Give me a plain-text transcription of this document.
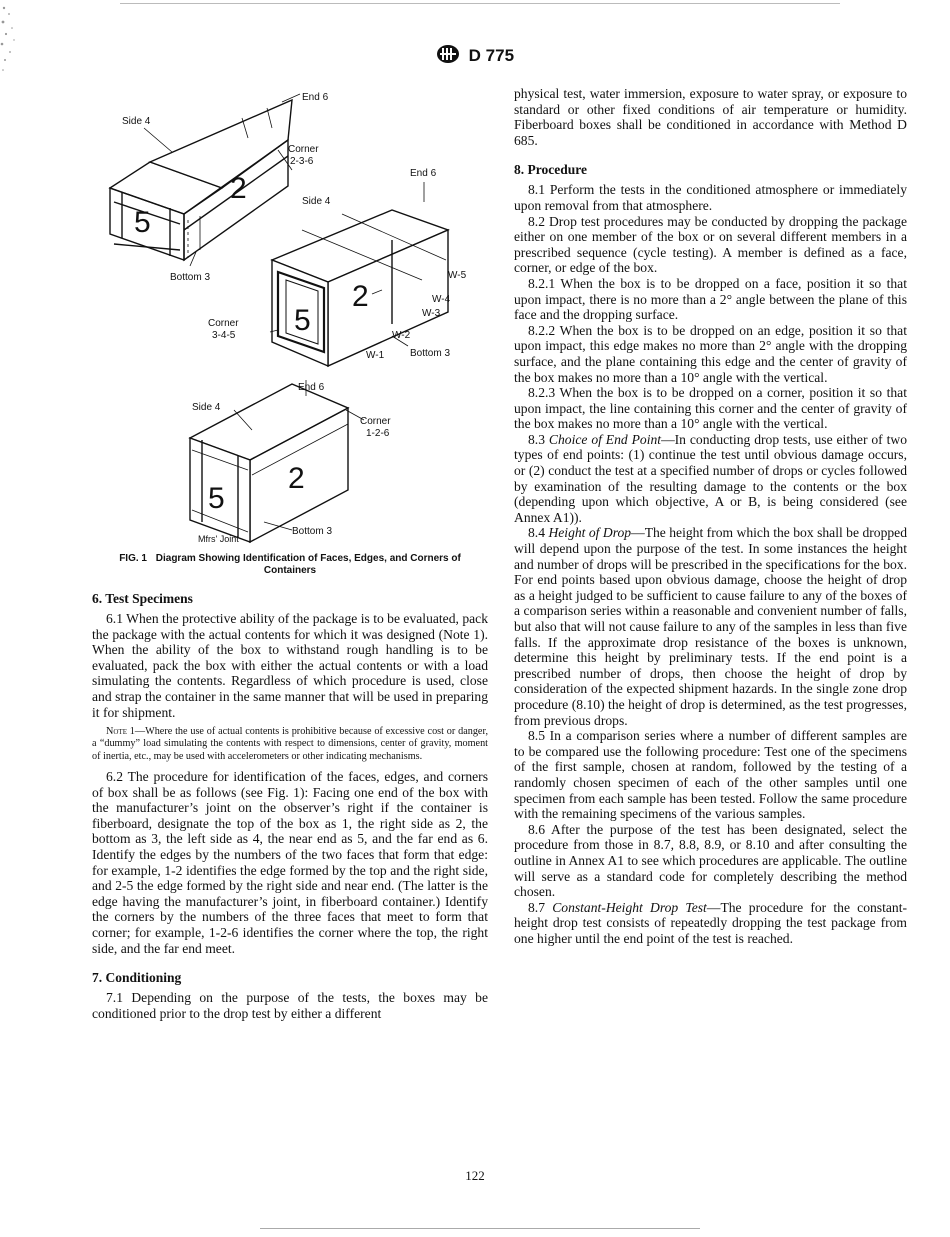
D 775
Side 4
End 6
Corner
2-3-6
End 6
Side 4
Bottom 3
Corner
3-4-5
W-5
W-4
W-3
W-2
W-1	Bottom 3
End 6
Side 4
Corner
1-2-6
Bottom 3
Mfrs' Joint
5
2
5
2
5
2

FIG. 1 Diagram Showing Identification of Faces, Edges, and Corners of Containers

6. Test Specimens

6.1 When the protective ability of the package is to be evaluated, pack the package with the actual contents for which it was designed (Note 1). When the ability of the box to withstand rough handling is to be evaluated, pack the box with either the actual contents or with a load simulating the contents. Regardless of which procedure is used, close and strap the container in the same manner that will be used in preparing it for shipment.

Note 1—Where the use of actual contents is prohibitive because of excessive cost or danger, a “dummy” load simulating the contents with respect to dimensions, center of gravity, moment of inertia, etc., may be used with accelerometers or other indicating mechanisms.

6.2 The procedure for identification of the faces, edges, and corners of box shall be as follows (see Fig. 1): Facing one end of the box with the manufacturer’s joint on the observer’s right if the container is fiberboard, designate the top of the box as 1, the right side as 2, the bottom as 3, the left side as 4, the near end as 5, and the far end as 6. Identify the edges by the numbers of the two faces that form that edge: for example, 1-2 identifies the edge formed by the top and the right side, and 2-5 the edge formed by the right side and near end. (The latter is the edge having the manufacturer’s joint, in fiberboard container.) Identify the corners by the numbers of the three faces that meet to form that corner; for example, 1-2-6 identifies the corner where the top, the right side, and the far end meet.

7. Conditioning

7.1 Depending on the purpose of the tests, the boxes may be conditioned prior to the drop test by either a different

physical test, water immersion, exposure to water spray, or exposure to standard or other fixed conditions of air temperature or humidity. Fiberboard boxes shall be conditioned in accordance with Method D 685.

8. Procedure

8.1 Perform the tests in the conditioned atmosphere or immediately upon removal from that atmosphere.

8.2 Drop test procedures may be conducted by dropping the package either on one member of the box or on several different members in a prescribed sequence (cycle testing). A member is defined as a face, corner, or edge of the box.

8.2.1 When the box is to be dropped on a face, position it so that upon impact, there is no more than a 2° angle between the plane of this face and the dropping surface.

8.2.2 When the box is to be dropped on an edge, position it so that upon impact, this edge makes no more than 2° angle with the dropping surface, and the plane containing this edge and the center of gravity of the box makes no more than a 10° angle with the vertical.

8.2.3 When the box is to be dropped on a corner, position it so that upon impact, the line containing this corner and the center of gravity of the box makes no more than a 10° angle with the vertical.

8.3 Choice of End Point—In conducting drop tests, use either of two types of end points: (1) continue the test until obvious damage occurs, or (2) conduct the test at a specified number of drops or cycles followed by examination of the resulting damage to the contents or the box (depending upon which objective, A or B, is being considered (see Annex A1)).

8.4 Height of Drop—The height from which the box shall be dropped will depend upon the purpose of the test. In some instances the height and number of drops will be prescribed in the specifications for the box. For end points based upon obvious damage, choose the height of drop as a height judged to be sufficient to cause failure to any of the boxes of a comparison series within a reasonable and convenient number of falls, but also that will not cause failure to any of the samples in less than five falls. If the approximate drop resistance of the boxes is unknown, determine this height by preliminary tests. If the end point is a prescribed number of drops, then choose the height of drop by consideration of the expected shipment hazards. In the single zone drop procedure (8.10) the height of drop is determined, as the test progresses, from previous drops.

8.5 In a comparison series where a number of different samples are to be compared use the following procedure: Test one of the specimens of the first sample, chosen at random, followed by the testing of a randomly chosen specimen of each of the other samples until one specimen from each sample has been tested. Follow the same procedure with the remaining specimens of the various samples.

8.6 After the purpose of the test has been designated, select the procedure from those in 8.7, 8.8, 8.9, or 8.10 and after consulting the outline in Annex A1 to see which procedures are applicable. The outline will serve as a standard code for completely describing the method chosen.

8.7 Constant-Height Drop Test—The procedure for the constant-height drop test consists of repeatedly dropping the test package from one higher until the end point of the test is reached.

122
